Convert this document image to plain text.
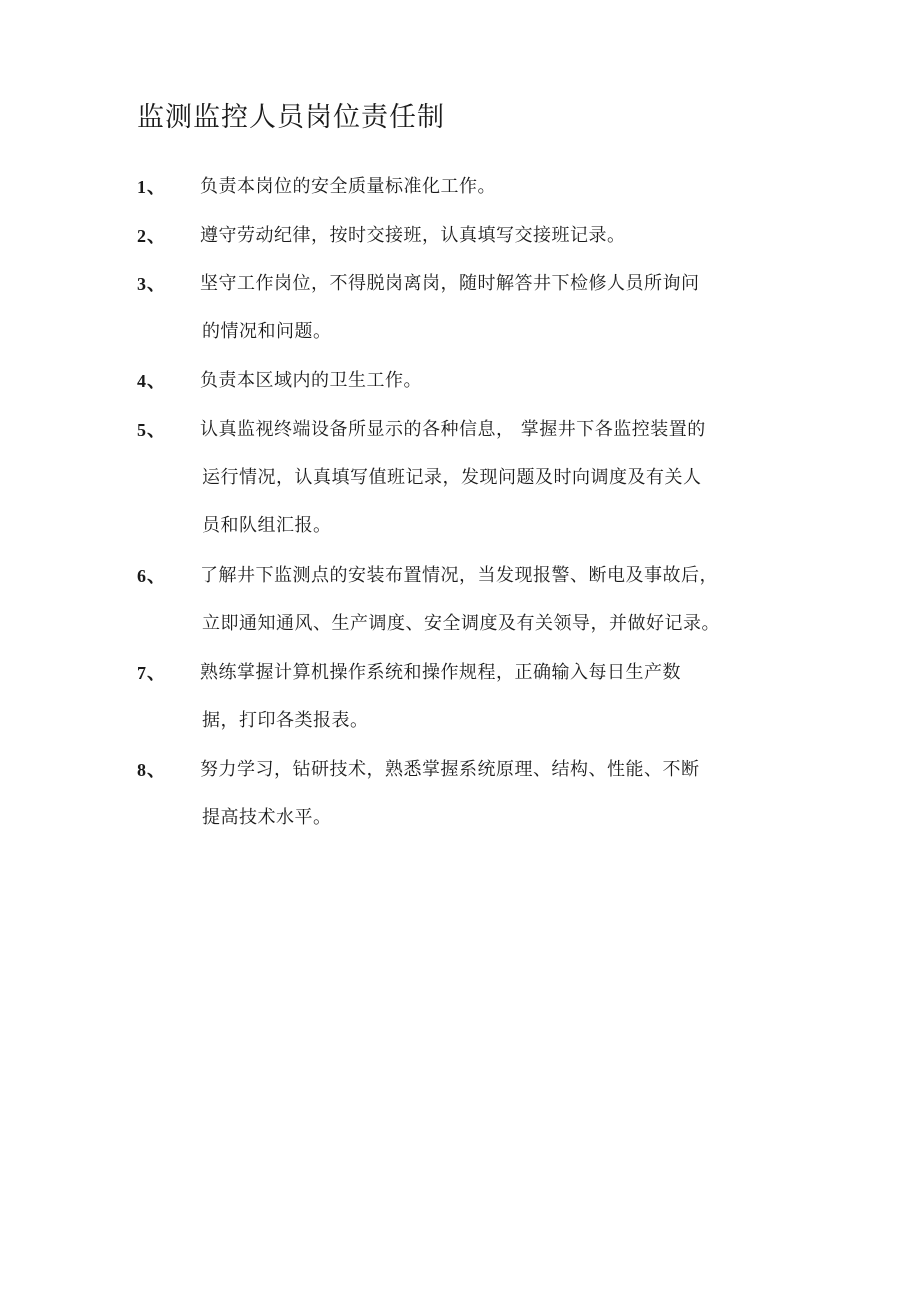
监测监控人员岗位责任制
1、 负责本岗位的安全质量标准化工作。
2、 遵守劳动纪律，按时交接班，认真填写交接班记录。
3、 坚守工作岗位，不得脱岗离岗，随时解答井下检修人员所询问
的情况和问题。
4、 负责本区域内的卫生工作。
5、 认真监视终端设备所显示的各种信息， 掌握井下各监控装置的
运行情况，认真填写值班记录，发现问题及时向调度及有关人
员和队组汇报。
6、 了解井下监测点的安装布置情况，当发现报警、断电及事故后，
立即通知通风、生产调度、安全调度及有关领导，并做好记录。
7、 熟练掌握计算机操作系统和操作规程，正确输入每日生产数
据，打印各类报表。
8、 努力学习，钻研技术，熟悉掌握系统原理、结构、性能、不断
提高技术水平。
